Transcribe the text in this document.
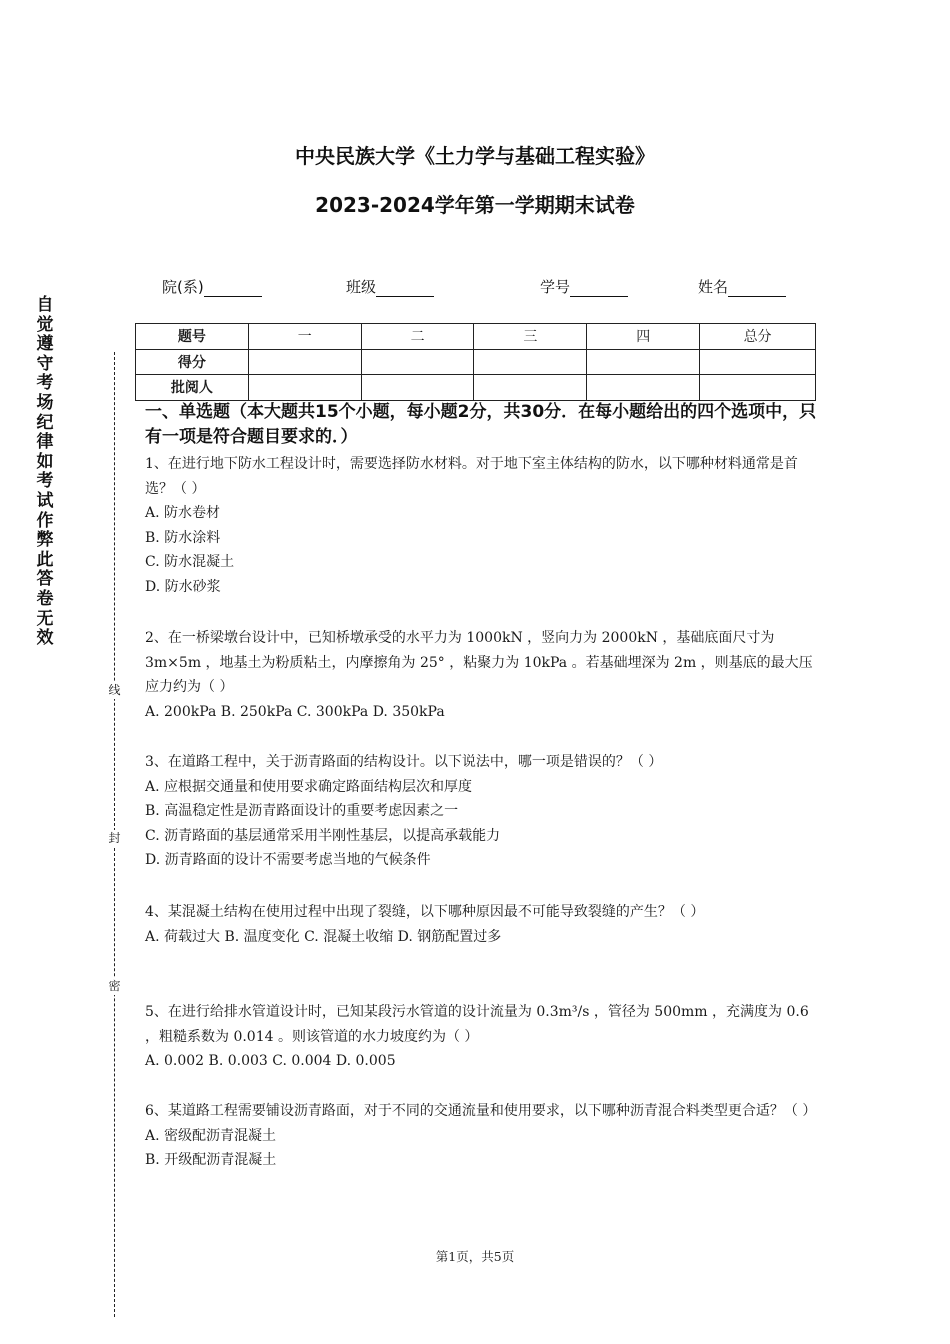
自
觉
遵
守
考
场
纪
律
如
考
试
作
弊
此
答
卷
无
效
线
封
密
中央民族大学《土力学与基础工程实验》
2023-2024学年第一学期期末试卷
院(系)	班级	学号	姓名
题号	一	二	三	四	总分
得分					
批阅人					
一、单选题（本大题共15个小题，每小题2分，共30分．在每小题给出的四个选项中，只有一项是符合题目要求的．）

1、在进行地下防水工程设计时，需要选择防水材料。对于地下室主体结构的防水，以下哪种材料通常是首选？（ ）

A. 防水卷材
B. 防水涂料
C. 防水混凝土
D. 防水砂浆

2、在一桥梁墩台设计中，已知桥墩承受的水平力为 1000kN ，竖向力为 2000kN ，基础底面尺寸为 3m×5m ，地基土为粉质粘土，内摩擦角为 25° ，粘聚力为 10kPa 。若基础埋深为 2m ，则基底的最大压应力约为（ ）

A. 200kPa B. 250kPa C. 300kPa D. 350kPa

3、在道路工程中，关于沥青路面的结构设计。以下说法中，哪一项是错误的？（ ）

A. 应根据交通量和使用要求确定路面结构层次和厚度
B. 高温稳定性是沥青路面设计的重要考虑因素之一
C. 沥青路面的基层通常采用半刚性基层，以提高承载能力
D. 沥青路面的设计不需要考虑当地的气候条件

4、某混凝土结构在使用过程中出现了裂缝，以下哪种原因最不可能导致裂缝的产生？（ ）

A. 荷载过大 B. 温度变化 C. 混凝土收缩 D. 钢筋配置过多

5、在进行给排水管道设计时，已知某段污水管道的设计流量为 0.3m³/s ，管径为 500mm ，充满度为 0.6 ，粗糙系数为 0.014 。则该管道的水力坡度约为（ ）

A. 0.002 B. 0.003 C. 0.004 D. 0.005

6、某道路工程需要铺设沥青路面，对于不同的交通流量和使用要求，以下哪种沥青混合料类型更合适？（ ）

A. 密级配沥青混凝土
B. 开级配沥青混凝土
第1页，共5页
